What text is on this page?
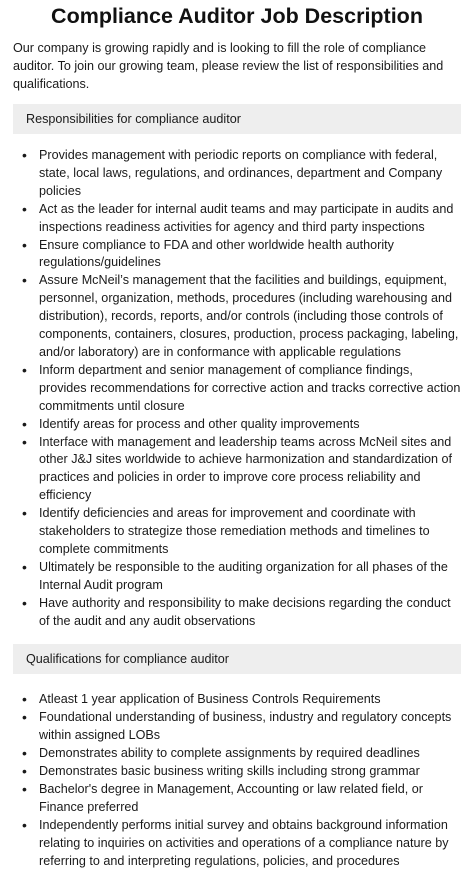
Compliance Auditor Job Description

Our company is growing rapidly and is looking to fill the role of compliance auditor. To join our growing team, please review the list of responsibilities and qualifications.

Responsibilities for compliance auditor
• Provides management with periodic reports on compliance with federal, state, local laws, regulations, and ordinances, department and Company policies
• Act as the leader for internal audit teams and may participate in audits and inspections readiness activities for agency and third party inspections
• Ensure compliance to FDA and other worldwide health authority regulations/guidelines
• Assure McNeil’s management that the facilities and buildings, equipment, personnel, organization, methods, procedures (including warehousing and distribution), records, reports, and/or controls (including those controls of components, containers, closures, production, process packaging, labeling, and/or laboratory) are in conformance with applicable regulations
• Inform department and senior management of compliance findings, provides recommendations for corrective action and tracks corrective action commitments until closure
• Identify areas for process and other quality improvements
• Interface with management and leadership teams across McNeil sites and other J&J sites worldwide to achieve harmonization and standardization of practices and policies in order to improve core process reliability and efficiency
• Identify deficiencies and areas for improvement and coordinate with stakeholders to strategize those remediation methods and timelines to complete commitments
• Ultimately be responsible to the auditing organization for all phases of the Internal Audit program
• Have authority and responsibility to make decisions regarding the conduct of the audit and any audit observations
Qualifications for compliance auditor
• Atleast 1 year application of Business Controls Requirements
• Foundational understanding of business, industry and regulatory concepts within assigned LOBs
• Demonstrates ability to complete assignments by required deadlines
• Demonstrates basic business writing skills including strong grammar
• Bachelor's degree in Management, Accounting or law related field, or Finance preferred
• Independently performs initial survey and obtains background information relating to inquiries on activities and operations of a compliance nature by referring to and interpreting regulations, policies, and procedures
